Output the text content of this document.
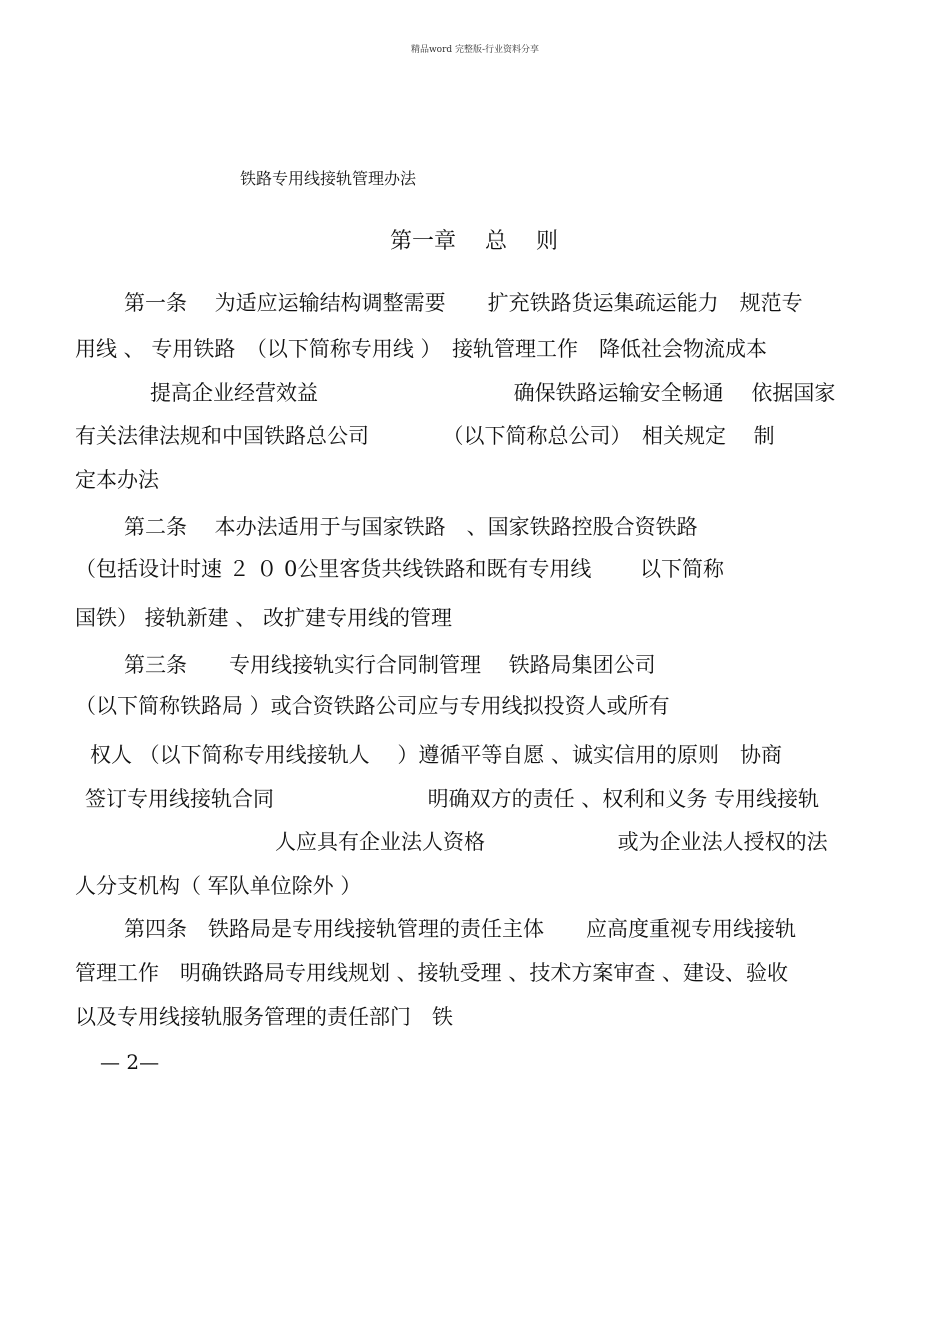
精品word 完整版-行业资料分享
铁路专用线接轨管理办法
第一章　 总　 则
第一条　 为适应运输结构调整需要　　扩充铁路货运集疏运能力　规范专
用线 、 专用铁路　（以下简称专用线 ）　接轨管理工作　降低社会物流成本
提高企业经营效益　　　　　　　　　 确保铁路运输安全畅通　 依据国家
有关法律法规和中国铁路总公司　　　　（以下简称总公司）　相关规定　 制
定本办法
第二条　 本办法适用于与国家铁路　、国家铁路控股合资铁路
（包括设计时速 ２ ０ 0公里客货共线铁路和既有专用线　　 以下简称
国铁） 接轨新建 、 改扩建专用线的管理
第三条　　专用线接轨实行合同制管理　 铁路局集团公司
（以下简称铁路局 ）或合资铁路公司应与专用线拟投资人或所有
权人 （以下简称专用线接轨人　 ）遵循平等自愿 、诚实信用的原则　协商
签订专用线接轨合同　　　　　　　 明确双方的责任 、权利和义务 专用线接轨
人应具有企业法人资格　　　　　　 或为企业法人授权的法
人分支机构（ 军队单位除外 ）
第四条　铁路局是专用线接轨管理的责任主体　　应高度重视专用线接轨
管理工作　明确铁路局专用线规划 、接轨受理 、技术方案审查 、建设、验收
以及专用线接轨服务管理的责任部门　铁
— 2—
